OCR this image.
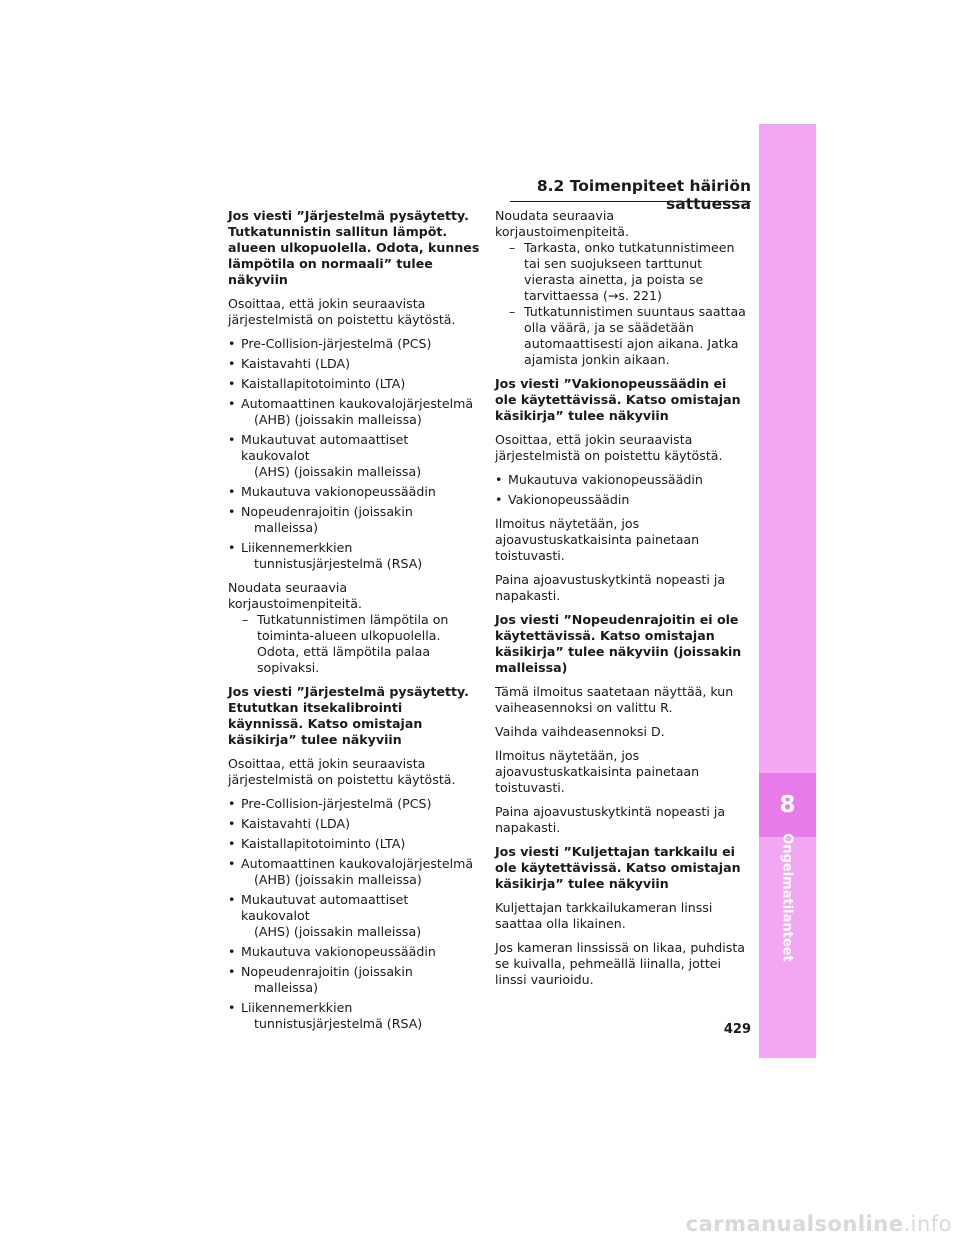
8.2 Toimenpiteet häiriön sattuessa
8
Ongelmatilanteet
Jos viesti ”Järjestelmä pysäytetty. Tutkatunnistin sallitun lämpöt. alueen ulkopuolella. Odota, kunnes lämpötila on normaali” tulee näkyviin
Osoittaa, että jokin seuraavista järjestelmistä on poistettu käytöstä.
• Pre-Collision-järjestelmä (PCS)
• Kaistavahti (LDA)
• Kaistallapitotoiminto (LTA)
• Automaattinen kaukovalojärjestelmä
(AHB) (joissakin malleissa)
• Mukautuvat automaattiset kaukovalot
(AHS) (joissakin malleissa)
• Mukautuva vakionopeussäädin
• Nopeudenrajoitin (joissakin
malleissa)
• Liikennemerkkien
tunnistusjärjestelmä (RSA)
Noudata seuraavia korjaustoimenpiteitä.
– Tutkatunnistimen lämpötila on toiminta-alueen ulkopuolella. Odota, että lämpötila palaa sopivaksi.
Jos viesti ”Järjestelmä pysäytetty. Etututkan itsekalibrointi käynnissä. Katso omistajan käsikirja” tulee näkyviin
Osoittaa, että jokin seuraavista järjestelmistä on poistettu käytöstä.
• Pre-Collision-järjestelmä (PCS)
• Kaistavahti (LDA)
• Kaistallapitotoiminto (LTA)
• Automaattinen kaukovalojärjestelmä
(AHB) (joissakin malleissa)
• Mukautuvat automaattiset kaukovalot
(AHS) (joissakin malleissa)
• Mukautuva vakionopeussäädin
• Nopeudenrajoitin (joissakin
malleissa)
• Liikennemerkkien
tunnistusjärjestelmä (RSA)
Noudata seuraavia korjaustoimenpiteitä.
– Tarkasta, onko tutkatunnistimeen tai sen suojukseen tarttunut vierasta ainetta, ja poista se tarvittaessa (→s. 221)
– Tutkatunnistimen suuntaus saattaa olla väärä, ja se säädetään automaattisesti ajon aikana. Jatka ajamista jonkin aikaan.
Jos viesti ”Vakionopeussäädin ei ole käytettävissä. Katso omistajan käsikirja” tulee näkyviin
Osoittaa, että jokin seuraavista järjestelmistä on poistettu käytöstä.
• Mukautuva vakionopeussäädin
• Vakionopeussäädin
Ilmoitus näytetään, jos ajoavustuskatkaisinta painetaan toistuvasti.
Paina ajoavustuskytkintä nopeasti ja napakasti.
Jos viesti ”Nopeudenrajoitin ei ole käytettävissä. Katso omistajan käsikirja” tulee näkyviin (joissakin malleissa)
Tämä ilmoitus saatetaan näyttää, kun vaiheasennoksi on valittu R.
Vaihda vaihdeasennoksi D.
Ilmoitus näytetään, jos ajoavustuskatkaisinta painetaan toistuvasti.
Paina ajoavustuskytkintä nopeasti ja napakasti.
Jos viesti ”Kuljettajan tarkkailu ei ole käytettävissä. Katso omistajan käsikirja” tulee näkyviin
Kuljettajan tarkkailukameran linssi saattaa olla likainen.
Jos kameran linssissä on likaa, puhdista se kuivalla, pehmeällä liinalla, jottei linssi vaurioidu.
429
carmanualsonline.info
